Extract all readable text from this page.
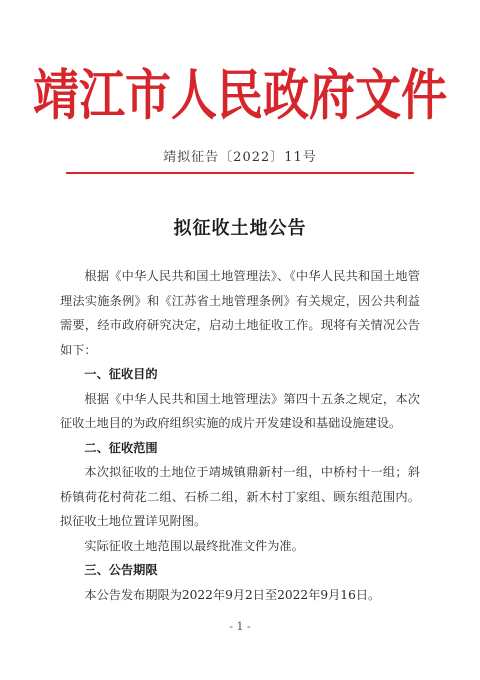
靖江市人民政府文件
靖拟征告〔2022〕11号
拟征收土地公告

根据《中华人民共和国土地管理法》、《中华人民共和国土地管理法实施条例》和《江苏省土地管理条例》有关规定，因公共利益需要，经市政府研究决定，启动土地征收工作。现将有关情况公告如下：

一、征收目的

根据《中华人民共和国土地管理法》第四十五条之规定，本次征收土地目的为政府组织实施的成片开发建设和基础设施建设。

二、征收范围

本次拟征收的土地位于靖城镇鼎新村一组，中桥村十一组；斜桥镇荷花村荷花二组、石桥二组，新木村丁家组、顾东组范围内。拟征收土地位置详见附图。

实际征收土地范围以最终批准文件为准。

三、公告期限

本公告发布期限为2022年9月2日至2022年9月16日。

- 1 -
